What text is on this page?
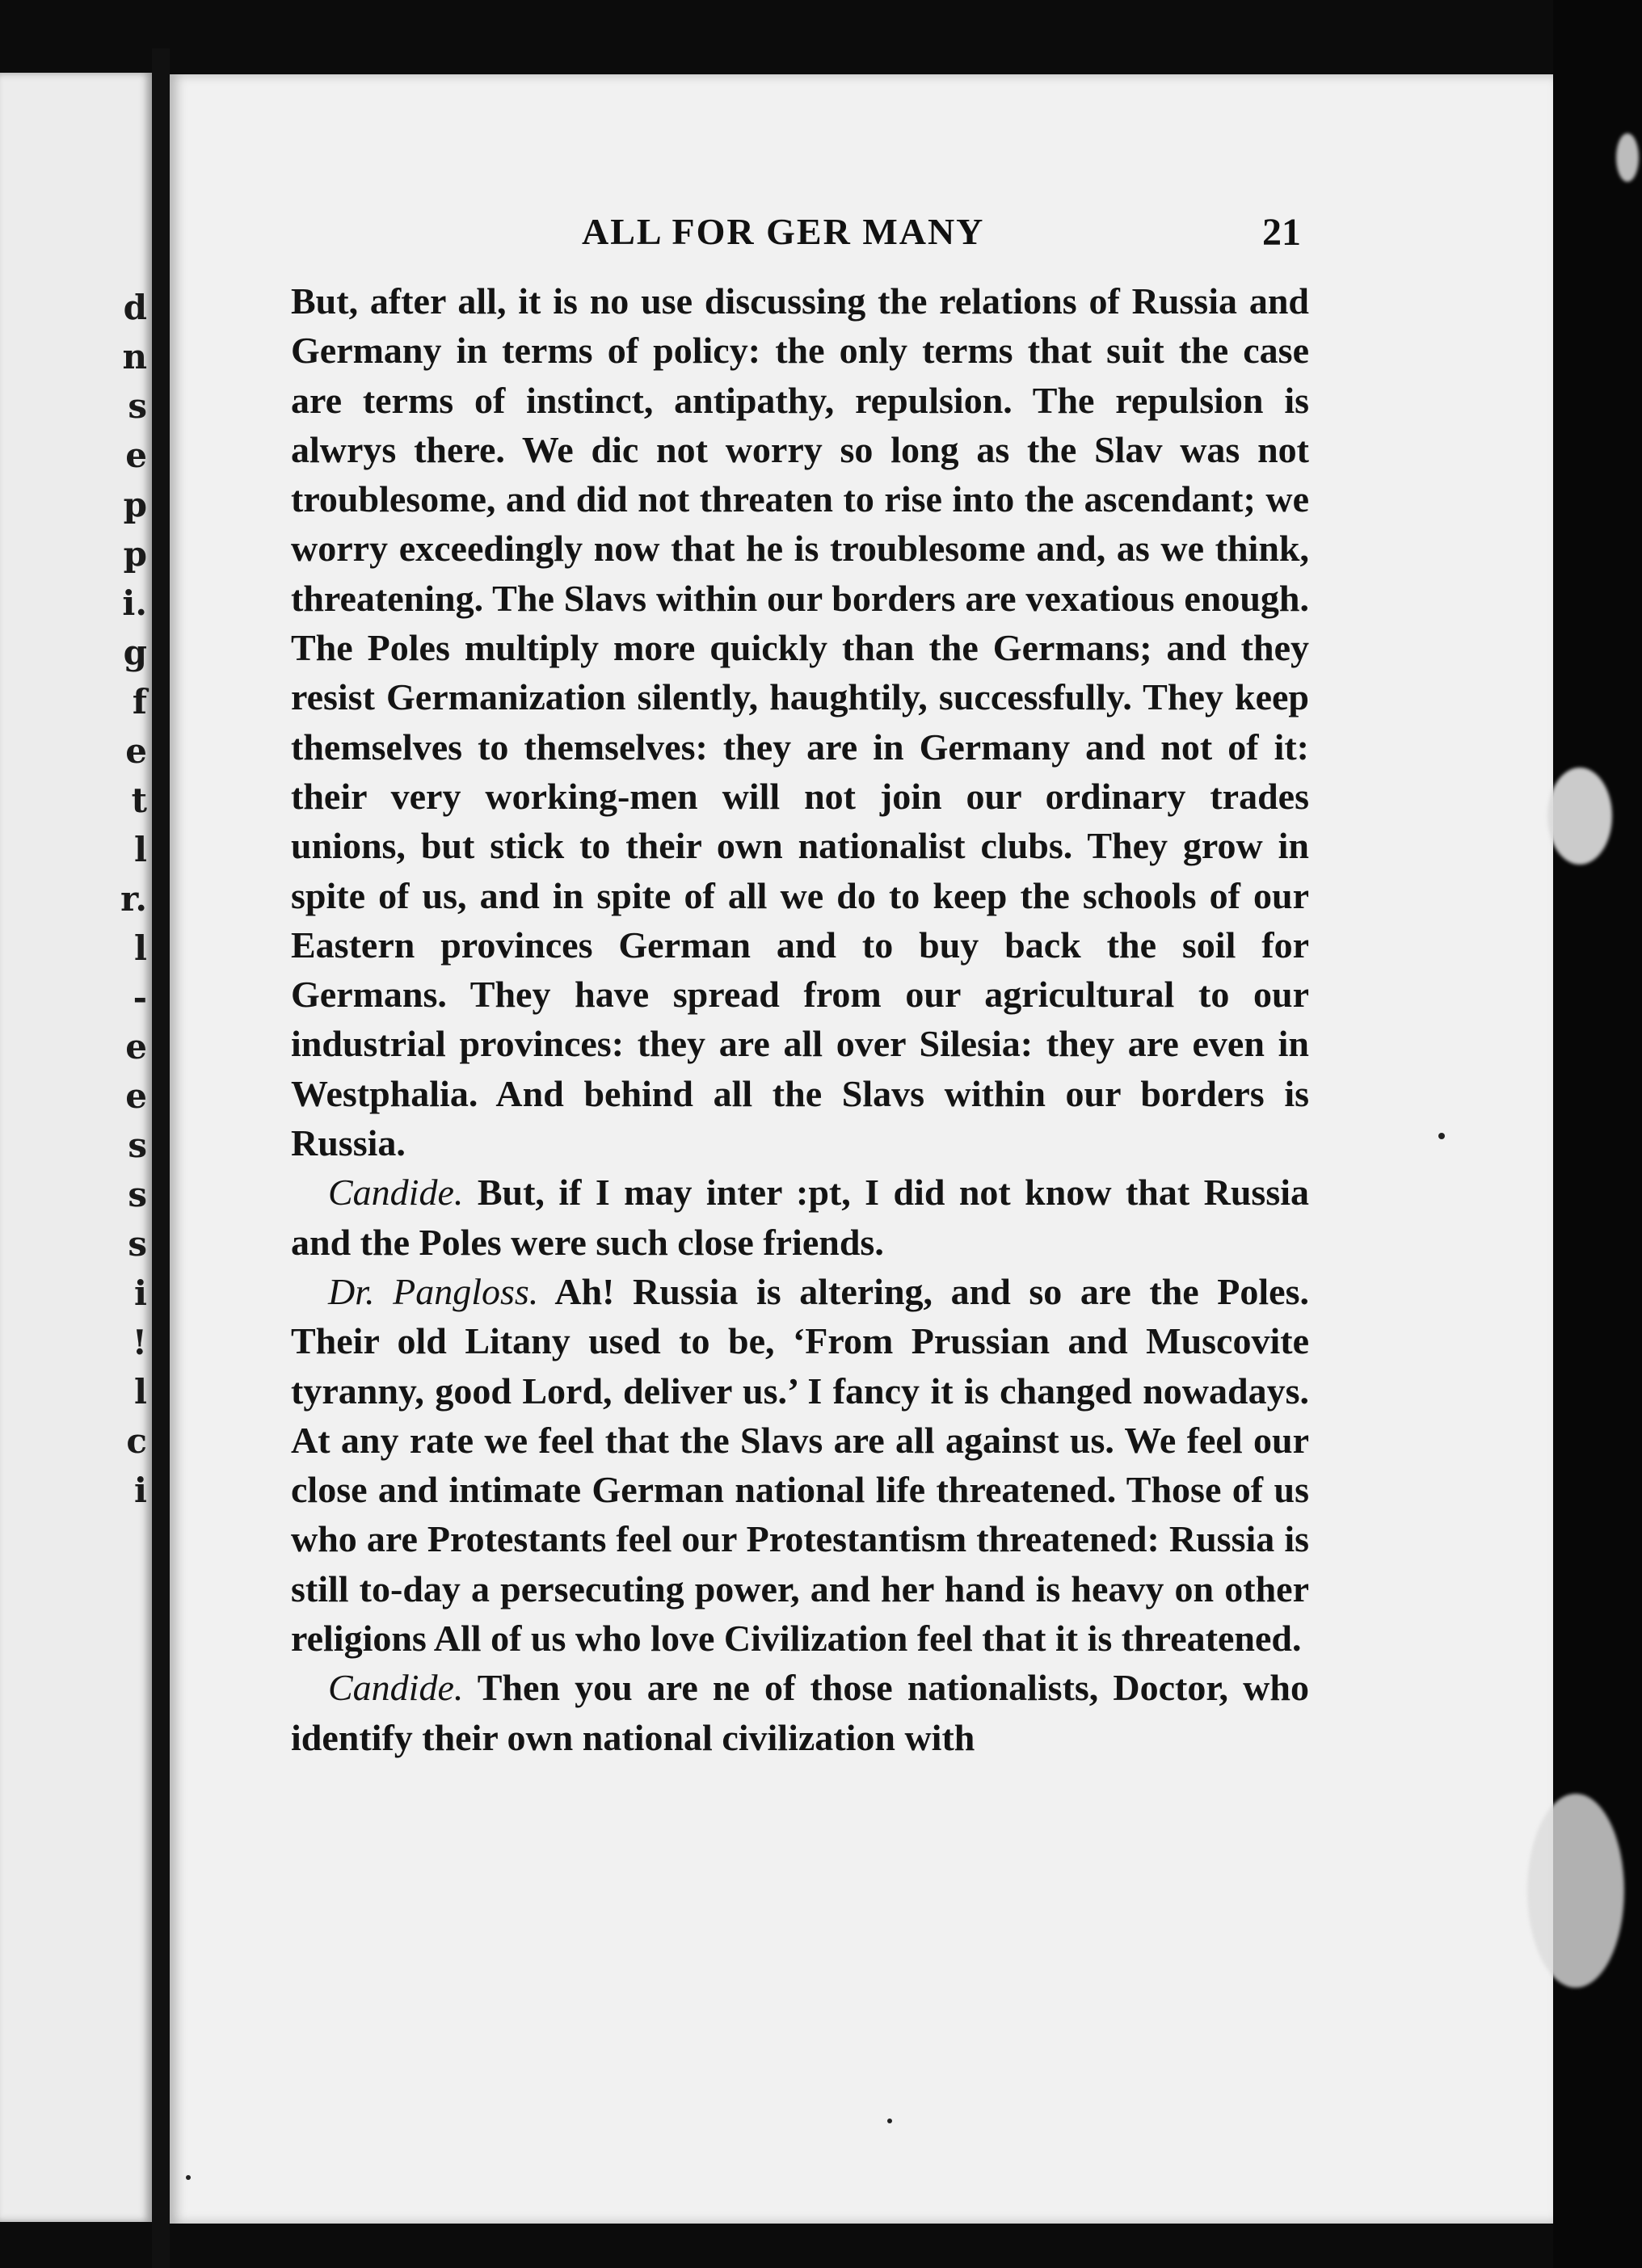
d
n
s
e
p
p
i.
g
f
e
t
l
r.
l
-
e
e
s
s
s
i
!
l
c
i
ALL FOR GER MANY	21

But, after all, it is no use discussing the relations of Russia and Germany in terms of policy: the only terms that suit the case are terms of instinct, antipathy, repulsion. The repulsion is alwrys there. We dic not worry so long as the Slav was not troublesome, and did not threaten to rise into the ascendant; we worry exceedingly now that he is troublesome and, as we think, threatening. The Slavs within our borders are vexatious enough. The Poles multiply more quickly than the Germans; and they resist Germanization silently, haughtily, successfully. They keep themselves to themselves: they are in Germany and not of it: their very working-men will not join our ordinary trades unions, but stick to their own nationalist clubs. They grow in spite of us, and in spite of all we do to keep the schools of our Eastern provinces German and to buy back the soil for Germans. They have spread from our agricultural to our industrial provinces: they are all over Silesia: they are even in Westphalia. And behind all the Slavs within our borders is Russia.

Candide. But, if I may inter :pt, I did not know that Russia and the Poles were such close friends.

Dr. Pangloss. Ah! Russia is altering, and so are the Poles. Their old Litany used to be, ‘From Prussian and Muscovite tyranny, good Lord, deliver us.’ I fancy it is changed nowadays. At any rate we feel that the Slavs are all against us. We feel our close and intimate German national life threatened. Those of us who are Protestants feel our Protestantism threatened: Russia is still to-day a persecuting power, and her hand is heavy on other religions All of us who love Civilization feel that it is threatened.

Candide. Then you are ne of those nationalists, Doctor, who identify their own national civilization with
